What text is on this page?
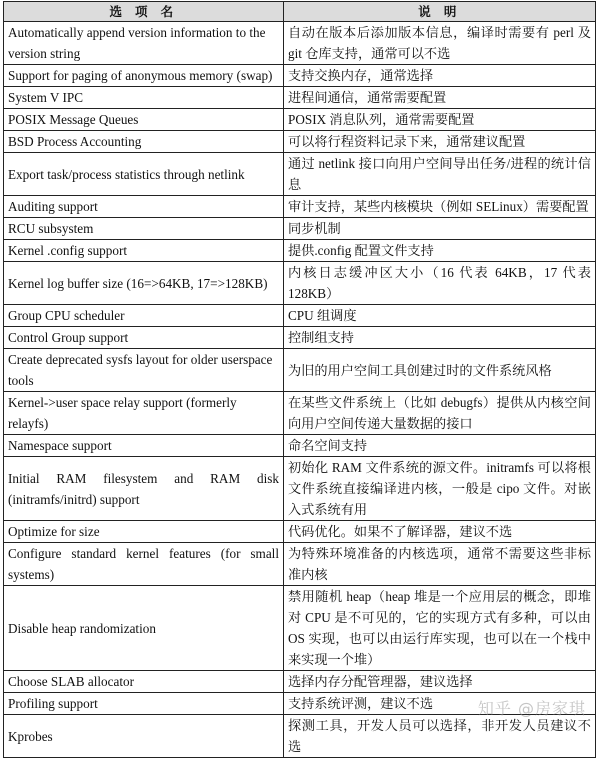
选 项 名	说 明
Automatically append version information to the version string	自动在版本后添加版本信息，编译时需要有 perl 及 git 仓库支持，通常可以不选
Support for paging of anonymous memory (swap)	支持交换内存，通常选择
System V IPC	进程间通信，通常需要配置
POSIX Message Queues	POSIX 消息队列，通常需要配置
BSD Process Accounting	可以将行程资料记录下来，通常建议配置
Export task/process statistics through netlink	通过 netlink 接口向用户空间导出任务/进程的统计信息
Auditing support	审计支持，某些内核模块（例如 SELinux）需要配置
RCU subsystem	同步机制
Kernel .config support	提供.config 配置文件支持
Kernel log buffer size (16=>64KB, 17=>128KB)	内核日志缓冲区大小（16 代表 64KB，17 代表 128KB）
Group CPU scheduler	CPU 组调度
Control Group support	控制组支持
Create deprecated sysfs layout for older userspace tools	为旧的用户空间工具创建过时的文件系统风格
Kernel->user space relay support (formerly relayfs)	在某些文件系统上（比如 debugfs）提供从内核空间向用户空间传递大量数据的接口
Namespace support	命名空间支持
Initial RAM filesystem and RAM disk (initramfs/initrd) support	初始化 RAM 文件系统的源文件。initramfs 可以将根文件系统直接编译进内核，一般是 cipo 文件。对嵌入式系统有用
Optimize for size	代码优化。如果不了解译器，建议不选
Configure standard kernel features (for small systems)	为特殊环境准备的内核选项，通常不需要这些非标准内核
Disable heap randomization	禁用随机 heap（heap 堆是一个应用层的概念，即堆对 CPU 是不可见的，它的实现方式有多种，可以由 OS 实现，也可以由运行库实现，也可以在一个栈中来实现一个堆）
Choose SLAB allocator	选择内存分配管理器，建议选择
Profiling support	支持系统评测，建议不选
Kprobes	探测工具，开发人员可以选择，非开发人员建议不选
知乎 @房家琪
